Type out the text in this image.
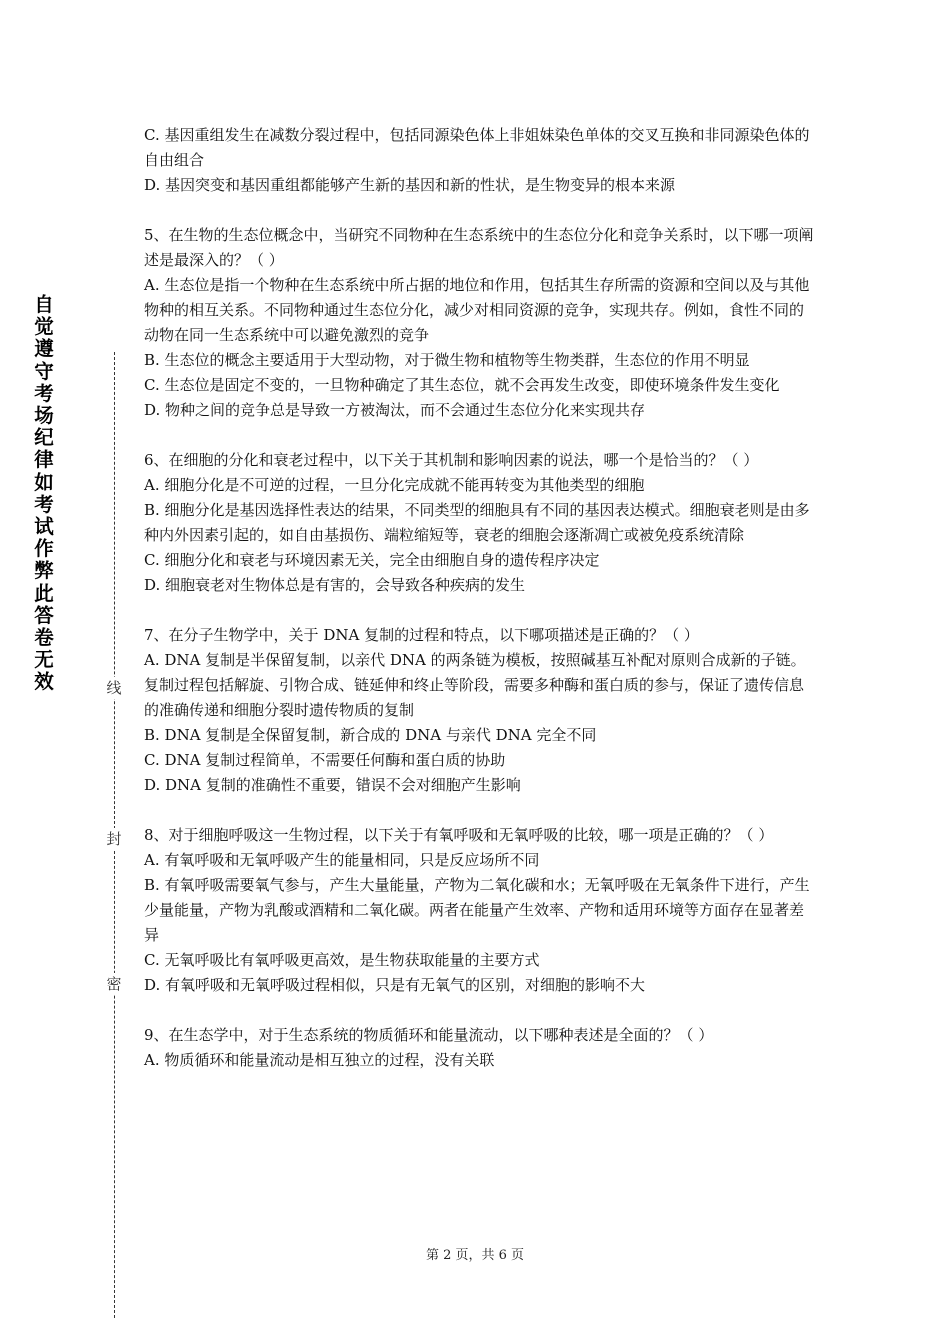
自觉遵守考场纪律如考试作弊此答卷无效	线
封
密

C. 基因重组发生在减数分裂过程中，包括同源染色体上非姐妹染色单体的交叉互换和非同源染色体的自由组合

D. 基因突变和基因重组都能够产生新的基因和新的性状，是生物变异的根本来源

5、在生物的生态位概念中，当研究不同物种在生态系统中的生态位分化和竞争关系时，以下哪一项阐述是最深入的？（ ）

A. 生态位是指一个物种在生态系统中所占据的地位和作用，包括其生存所需的资源和空间以及与其他物种的相互关系。不同物种通过生态位分化，减少对相同资源的竞争，实现共存。例如，食性不同的动物在同一生态系统中可以避免激烈的竞争

B. 生态位的概念主要适用于大型动物，对于微生物和植物等生物类群，生态位的作用不明显

C. 生态位是固定不变的，一旦物种确定了其生态位，就不会再发生改变，即使环境条件发生变化

D. 物种之间的竞争总是导致一方被淘汰，而不会通过生态位分化来实现共存

6、在细胞的分化和衰老过程中，以下关于其机制和影响因素的说法，哪一个是恰当的？（ ）

A. 细胞分化是不可逆的过程，一旦分化完成就不能再转变为其他类型的细胞

B. 细胞分化是基因选择性表达的结果，不同类型的细胞具有不同的基因表达模式。细胞衰老则是由多种内外因素引起的，如自由基损伤、端粒缩短等，衰老的细胞会逐渐凋亡或被免疫系统清除

C. 细胞分化和衰老与环境因素无关，完全由细胞自身的遗传程序决定

D. 细胞衰老对生物体总是有害的，会导致各种疾病的发生

7、在分子生物学中，关于 DNA 复制的过程和特点，以下哪项描述是正确的？（ ）

A. DNA 复制是半保留复制，以亲代 DNA 的两条链为模板，按照碱基互补配对原则合成新的子链。复制过程包括解旋、引物合成、链延伸和终止等阶段，需要多种酶和蛋白质的参与，保证了遗传信息的准确传递和细胞分裂时遗传物质的复制

B. DNA 复制是全保留复制，新合成的 DNA 与亲代 DNA 完全不同

C. DNA 复制过程简单，不需要任何酶和蛋白质的协助

D. DNA 复制的准确性不重要，错误不会对细胞产生影响

8、对于细胞呼吸这一生物过程，以下关于有氧呼吸和无氧呼吸的比较，哪一项是正确的？（ ）

A. 有氧呼吸和无氧呼吸产生的能量相同，只是反应场所不同

B. 有氧呼吸需要氧气参与，产生大量能量，产物为二氧化碳和水；无氧呼吸在无氧条件下进行，产生少量能量，产物为乳酸或酒精和二氧化碳。两者在能量产生效率、产物和适用环境等方面存在显著差异

C. 无氧呼吸比有氧呼吸更高效，是生物获取能量的主要方式

D. 有氧呼吸和无氧呼吸过程相似，只是有无氧气的区别，对细胞的影响不大

9、在生态学中，对于生态系统的物质循环和能量流动，以下哪种表述是全面的？（ ）

A. 物质循环和能量流动是相互独立的过程，没有关联

第 2 页，共 6 页
